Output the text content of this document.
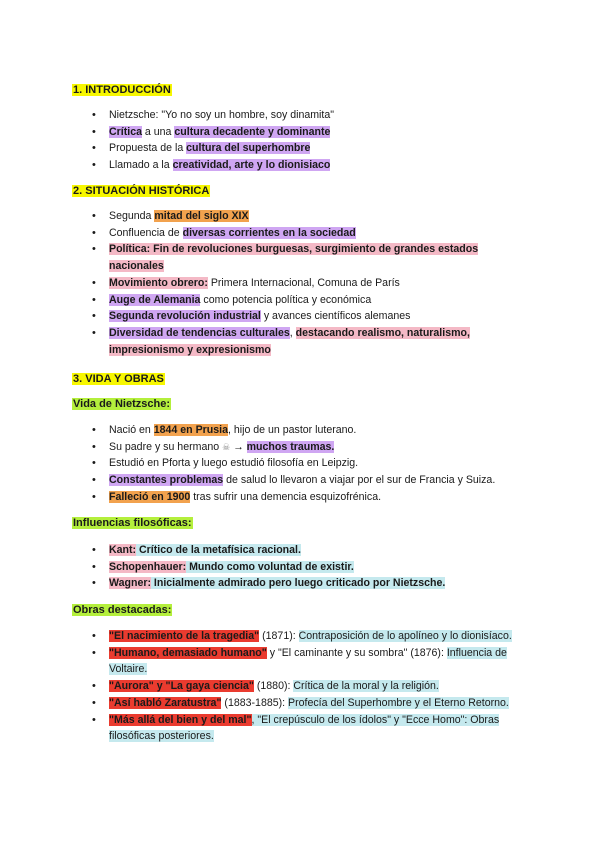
1. INTRODUCCIÓN
• Nietzsche: "Yo no soy un hombre, soy dinamita"
• Crítica a una cultura decadente y dominante
• Propuesta de la cultura del superhombre
• Llamado a la creatividad, arte y lo dionisiaco
2. SITUACIÓN HISTÓRICA
• Segunda mitad del siglo XIX
• Confluencia de diversas corrientes en la sociedad
• Política: Fin de revoluciones burguesas, surgimiento de grandes estados nacionales
• Movimiento obrero: Primera Internacional, Comuna de París
• Auge de Alemania como potencia política y económica
• Segunda revolución industrial y avances científicos alemanes
• Diversidad de tendencias culturales, destacando realismo, naturalismo, impresionismo y expresionismo
3. VIDA Y OBRAS
Vida de Nietzsche:
• Nació en 1844 en Prusia, hijo de un pastor luterano.
• Su padre y su hermano ☠ → muchos traumas.
• Estudió en Pforta y luego estudió filosofía en Leipzig.
• Constantes problemas de salud lo llevaron a viajar por el sur de Francia y Suiza.
• Falleció en 1900 tras sufrir una demencia esquizofrénica.
Influencias filosóficas:
• Kant: Crítico de la metafísica racional.
• Schopenhauer: Mundo como voluntad de existir.
• Wagner: Inicialmente admirado pero luego criticado por Nietzsche.
Obras destacadas:
• "El nacimiento de la tragedia" (1871): Contraposición de lo apolíneo y lo dionisíaco.
• "Humano, demasiado humano" y "El caminante y su sombra" (1876): Influencia de Voltaire.
• "Aurora" y "La gaya ciencia" (1880): Crítica de la moral y la religión.
• "Así habló Zaratustra" (1883-1885): Profecía del Superhombre y el Eterno Retorno.
• "Más allá del bien y del mal", "El crepúsculo de los ídolos" y "Ecce Homo": Obras filosóficas posteriores.
